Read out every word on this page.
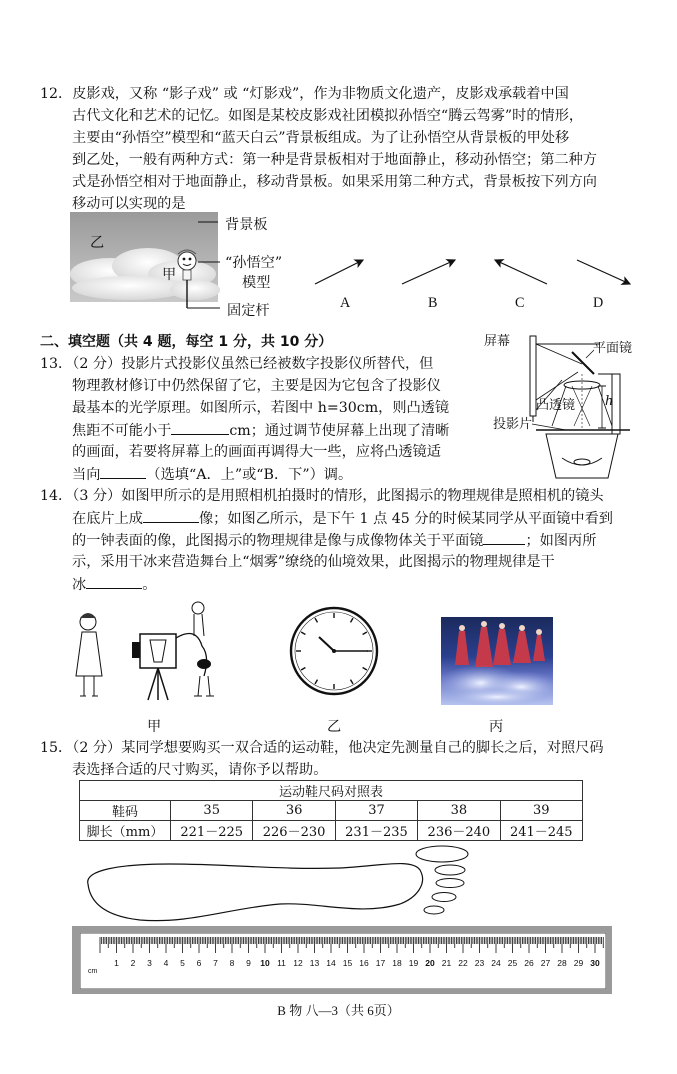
12．皮影戏，又称 “影子戏” 或 “灯影戏”，作为非物质文化遗产，皮影戏承载着中国
古代文化和艺术的记忆。如图是某校皮影戏社团模拟孙悟空“腾云驾雾”时的情形，
主要由“孙悟空”模型和“蓝天白云”背景板组成。为了让孙悟空从背景板的甲处移
到乙处，一般有两种方式：第一种是背景板相对于地面静止，移动孙悟空；第二种方
式是孙悟空相对于地面静止，移动背景板。如果采用第二种方式，背景板按下列方向
移动可以实现的是
乙
甲
背景板
“孙悟空”
模型
固定杆	A	B	C	D
二、填空题（共 4 题，每空 1 分，共 10 分）
13．（2 分）投影片式投影仪虽然已经被数字投影仪所替代，但
物理教材修订中仍然保留了它，主要是因为它包含了投影仪
最基本的光学原理。如图所示，若图中 h=30cm，则凸透镜
焦距不可能小于	cm；通过调节使屏幕上出现了清晰
的画面，若要将屏幕上的画面再调得大一些，应将凸透镜适
当向	（选填“A．上”或“B．下”）调。
屏幕	平面镜
凸透镜
投影片
h
14．（3 分）如图甲所示的是用照相机拍摄时的情形，此图揭示的物理规律是照相机的镜头
在底片上成	像；如图乙所示，是下午 1 点 45 分的时候某同学从平面镜中看到
的一钟表面的像，此图揭示的物理规律是像与成像物体关于平面镜	；如图丙所
示，采用干冰来营造舞台上“烟雾”缭绕的仙境效果，此图揭示的物理规律是干
冰	。
甲	乙	丙
15．（2 分）某同学想要购买一双合适的运动鞋，他决定先测量自己的脚长之后，对照尺码
表选择合适的尺寸购买，请你予以帮助。
运动鞋尺码对照表					
鞋码	35	36	37	38	39
脚长（mm）	221－225	226－230	231－235	236－240	241－245
1 2 3 4 5 6 7 8 9 10 11 12 13 14 15 16 17 18 19 20 21 22 23 24 25 26 27 28 29 30
cm
B 物 八—3（共 6页）
